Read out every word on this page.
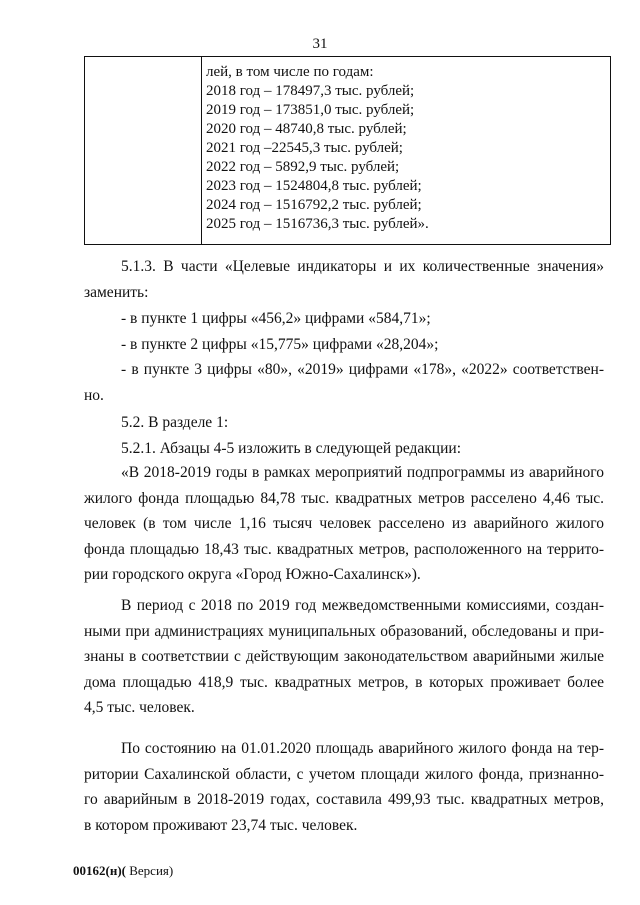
31

лей, в том числе по годам:
2018 год – 178497,3 тыс. рублей;
2019 год – 173851,0 тыс. рублей;
2020 год – 48740,8 тыс. рублей;
2021 год –22545,3 тыс. рублей;
2022 год – 5892,9 тыс. рублей;
2023 год – 1524804,8 тыс. рублей;
2024 год – 1516792,2 тыс. рублей;
2025 год – 1516736,3 тыс. рублей».
5.1.3. В части «Целевые индикаторы и их количественные значения»
заменить:
- в пункте 1 цифры «456,2» цифрами «584,71»;
- в пункте 2 цифры «15,775» цифрами «28,204»;
- в пункте 3 цифры «80», «2019» цифрами «178», «2022» соответствен-
но.
5.2. В разделе 1:
5.2.1. Абзацы 4-5 изложить в следующей редакции:
«В 2018-2019 годы в рамках мероприятий подпрограммы из аварийного
жилого фонда площадью 84,78 тыс. квадратных метров расселено 4,46 тыс.
человек (в том числе 1,16 тысяч человек расселено из аварийного жилого
фонда площадью 18,43 тыс. квадратных метров, расположенного на террито-
рии городского округа «Город Южно-Сахалинск»).
В период с 2018 по 2019 год межведомственными комиссиями, создан-
ными при администрациях муниципальных образований, обследованы и при-
знаны в соответствии с действующим законодательством аварийными жилые
дома площадью 418,9 тыс. квадратных метров, в которых проживает более
4,5 тыс. человек.
По состоянию на 01.01.2020 площадь аварийного жилого фонда на тер-
ритории Сахалинской области, с учетом площади жилого фонда, признанно-
го аварийным в 2018-2019 годах, составила 499,93 тыс. квадратных метров,
в котором проживают 23,74 тыс. человек.
00162(н)( Версия)
